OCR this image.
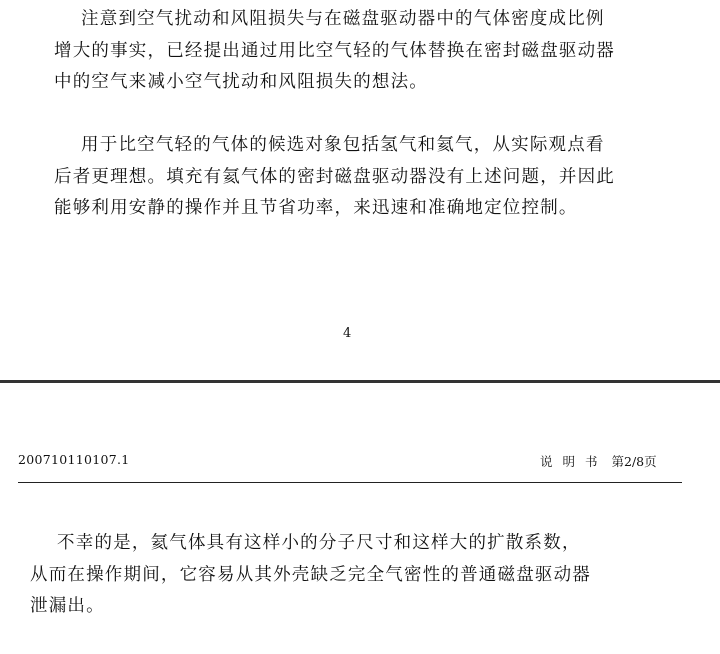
注意到空气扰动和风阻损失与在磁盘驱动器中的气体密度成比例
增大的事实，已经提出通过用比空气轻的气体替换在密封磁盘驱动器
中的空气来减小空气扰动和风阻损失的想法。
用于比空气轻的气体的候选对象包括氢气和氦气，从实际观点看
后者更理想。填充有氦气体的密封磁盘驱动器没有上述问题，并因此
能够利用安静的操作并且节省功率，来迅速和准确地定位控制。
4
200710110107.1	说明书 第2/8页
不幸的是，氦气体具有这样小的分子尺寸和这样大的扩散系数，
从而在操作期间，它容易从其外壳缺乏完全气密性的普通磁盘驱动器
泄漏出。
